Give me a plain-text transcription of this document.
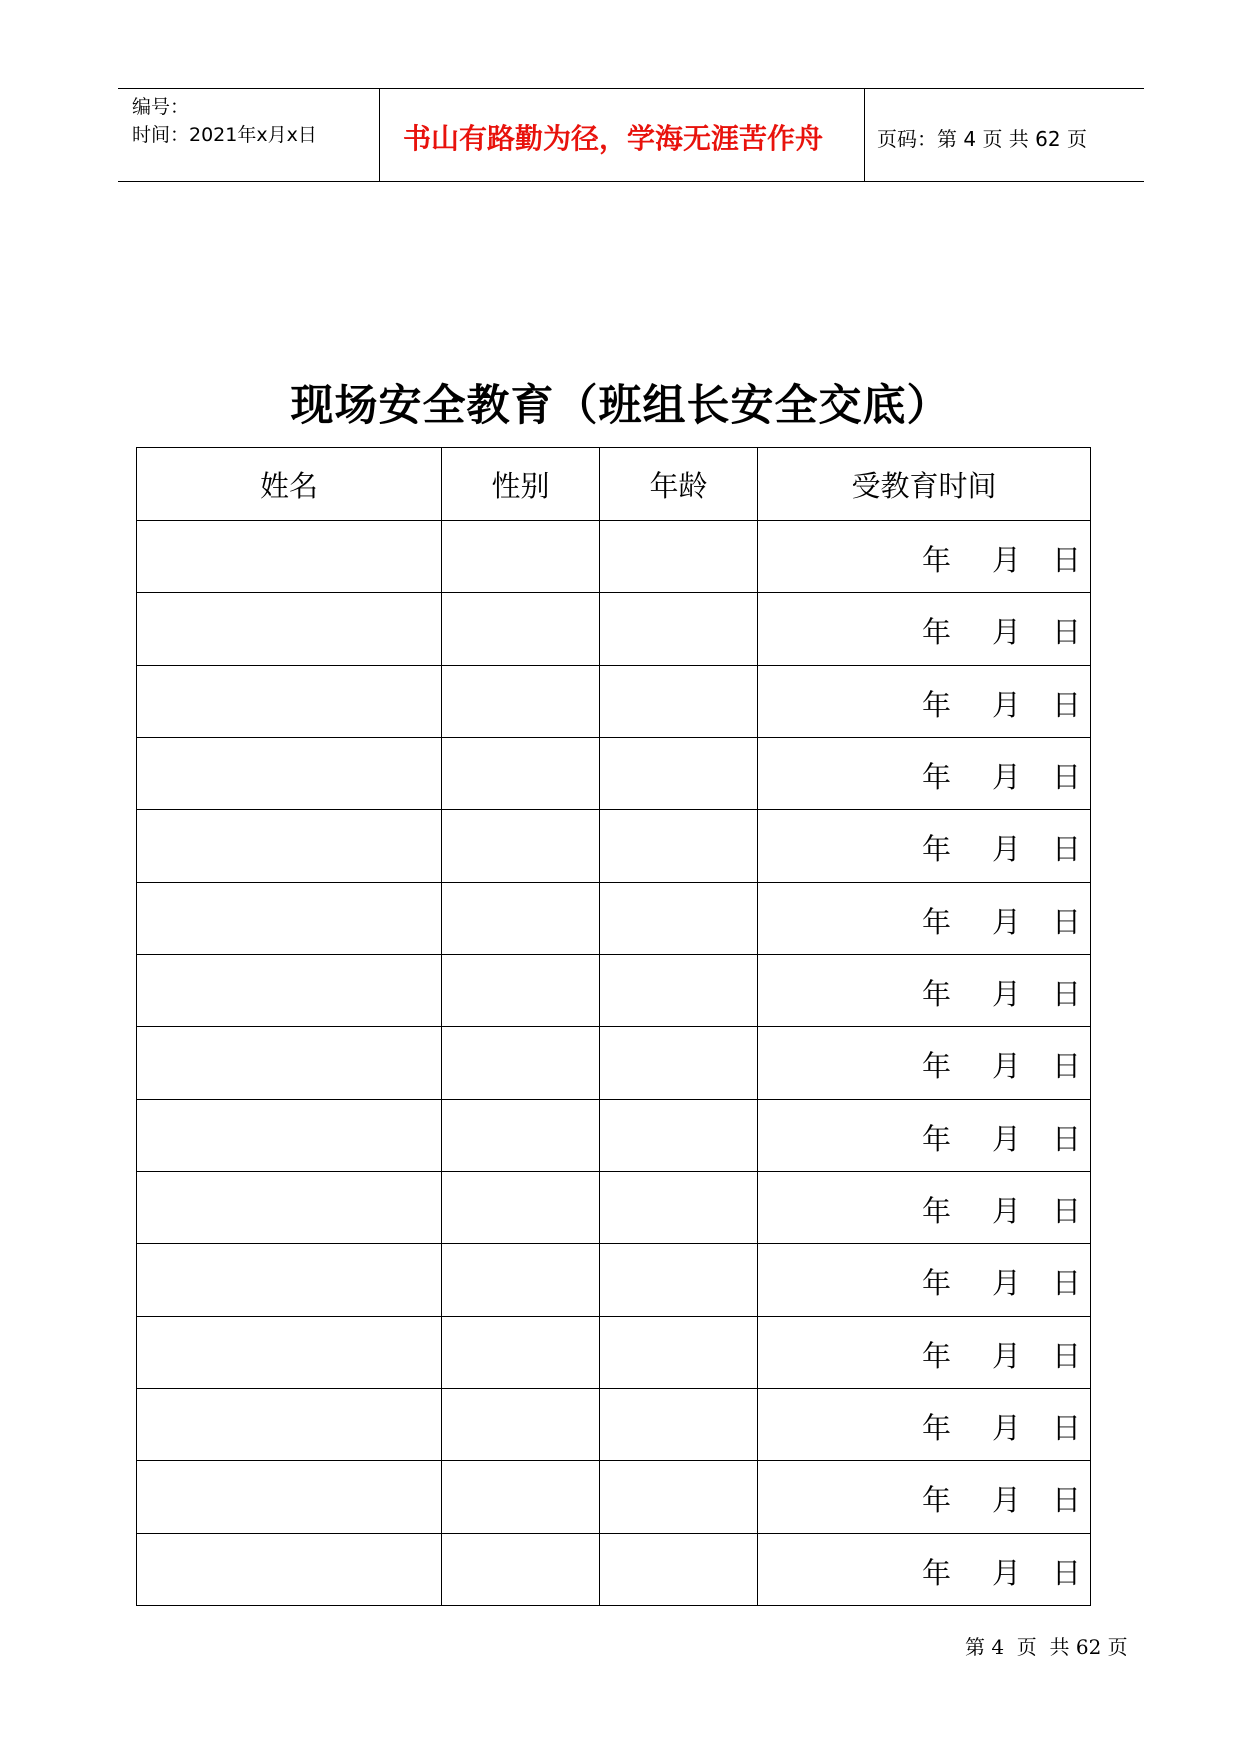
编号：
时间：2021年x月x日	书山有路勤为径，学海无涯苦作舟	页码：第 4 页 共 62 页
现场安全教育（班组长安全交底）
姓名	性别	年龄	受教育时间

			年 月 日

			年 月 日

			年 月 日

			年 月 日

			年 月 日

			年 月 日

			年 月 日

			年 月 日

			年 月 日

			年 月 日

			年 月 日

			年 月 日

			年 月 日

			年 月 日

			年 月 日
第 4  页  共 62 页
